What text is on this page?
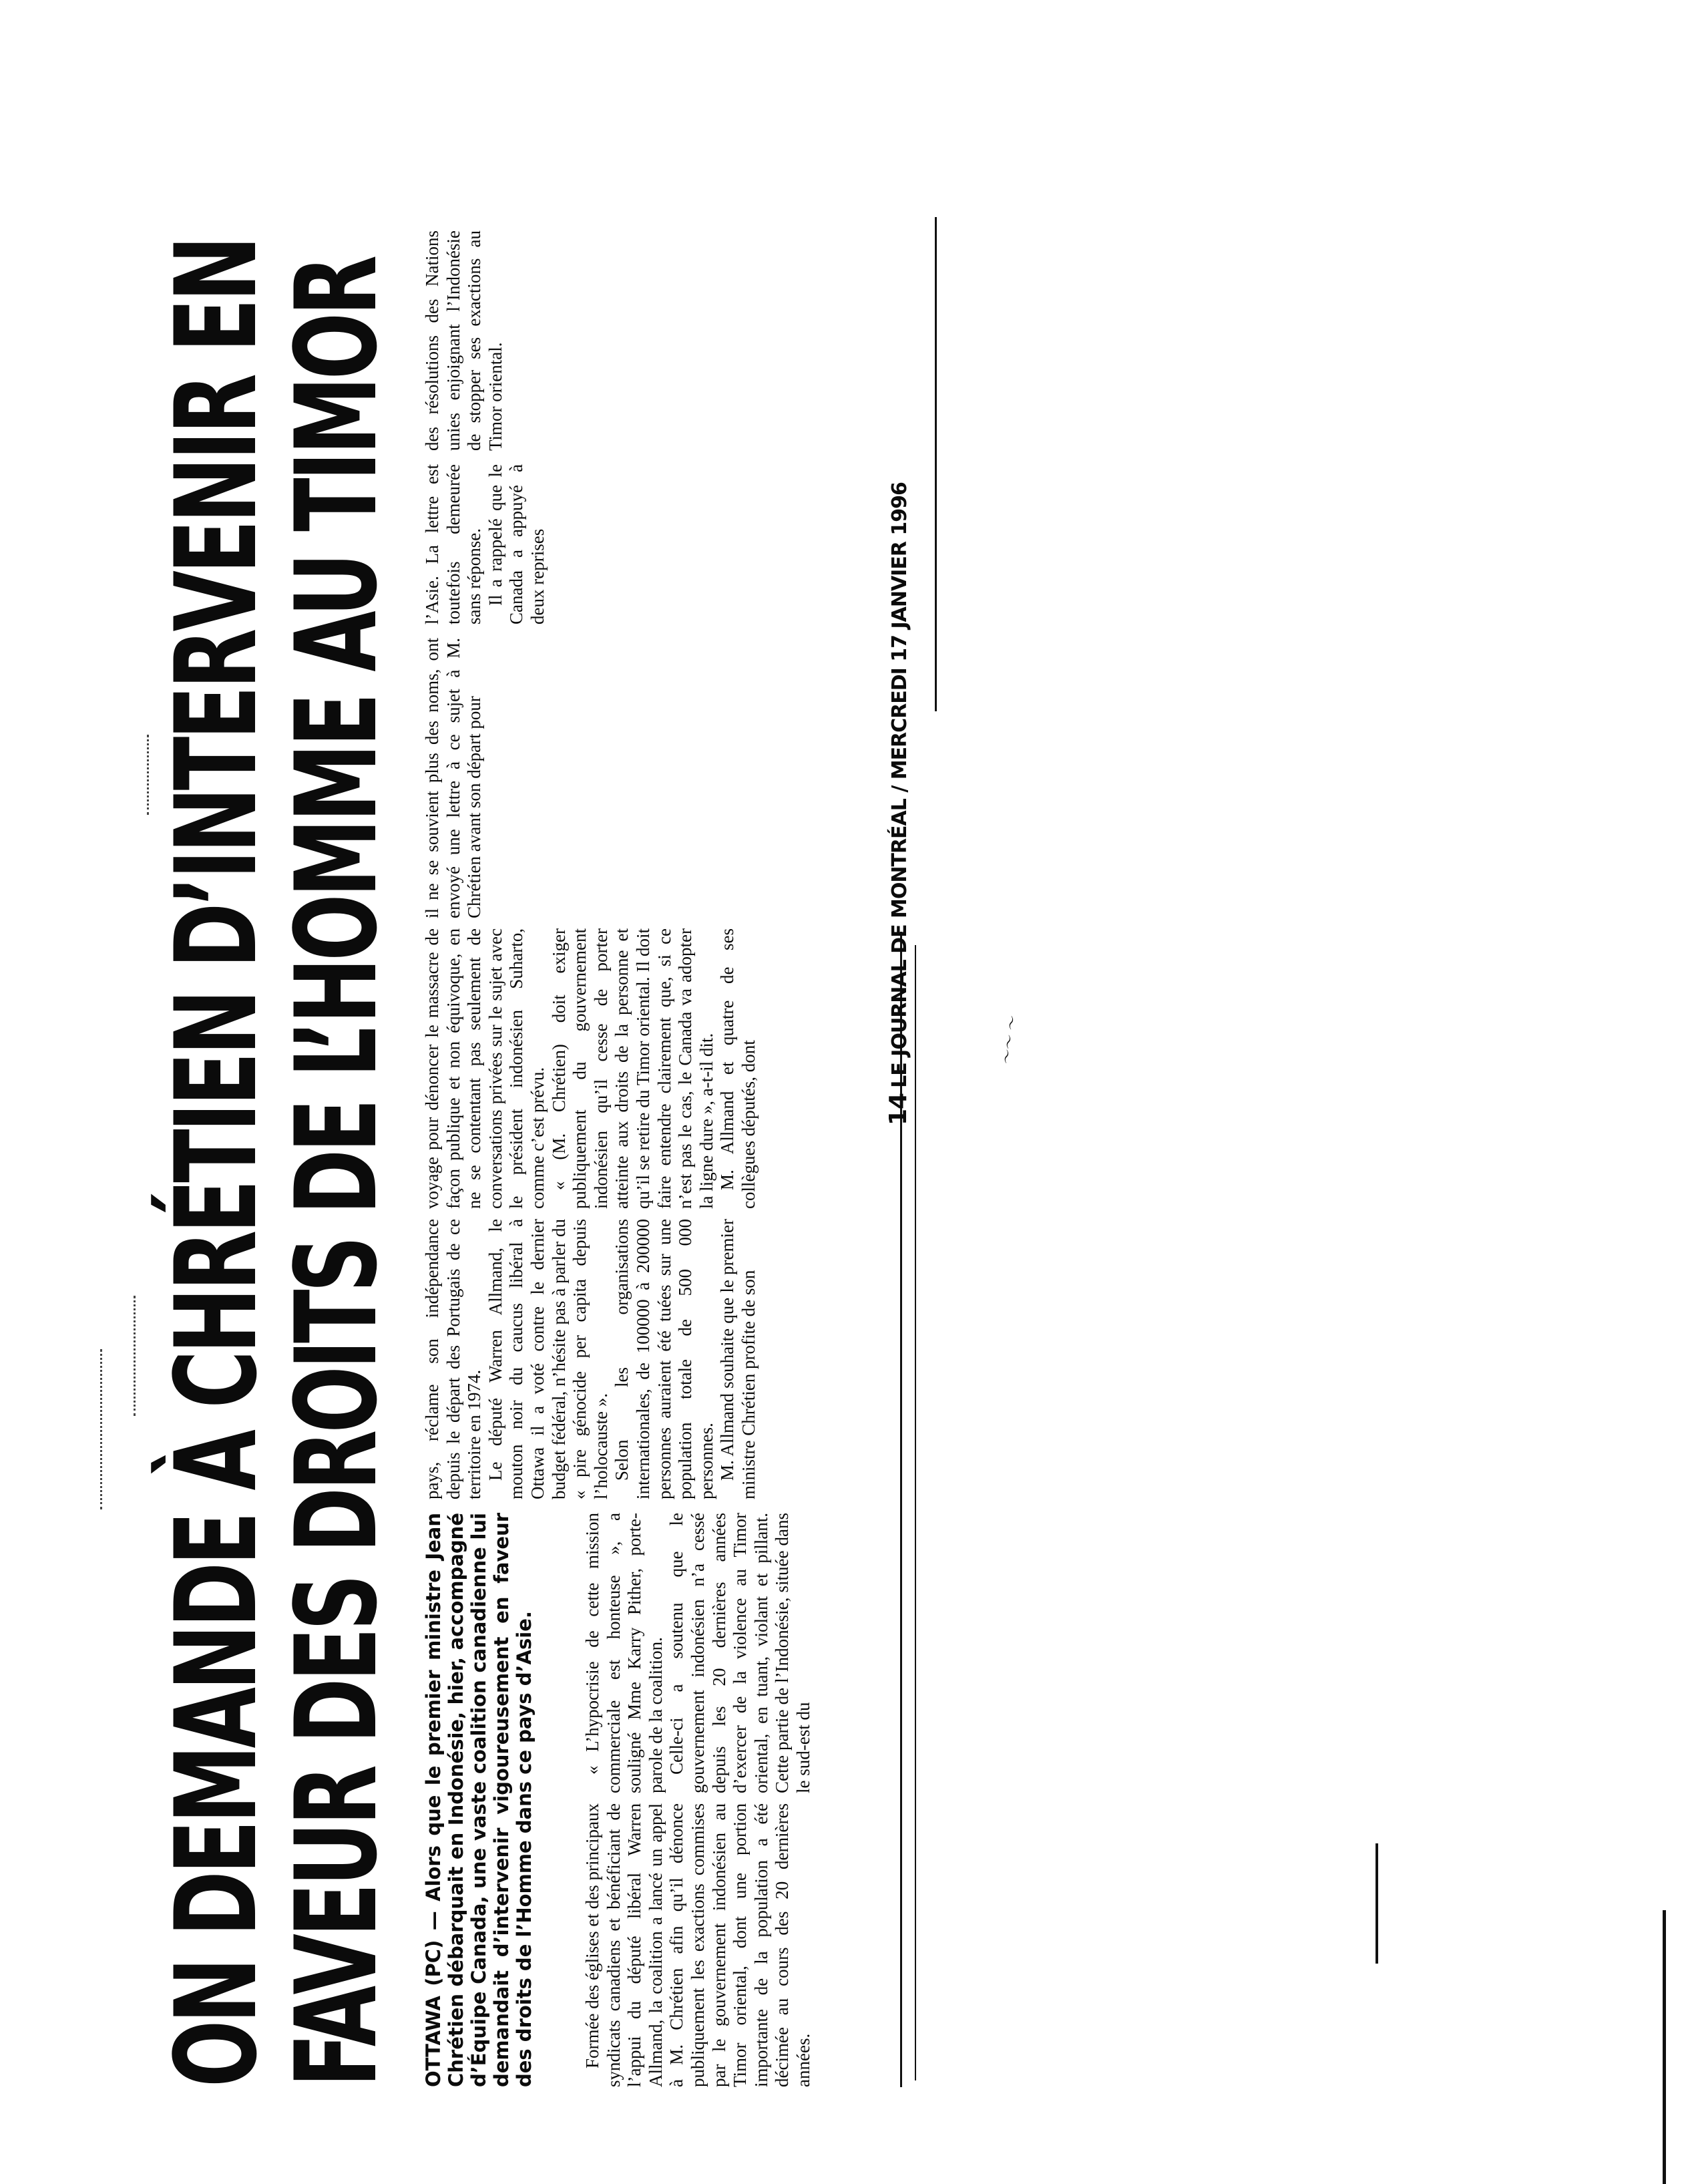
ON DEMANDE À CHRÉTIEN D’INTERVENIR EN
FAVEUR DES DROITS DE L’HOMME AU TIMOR OTTAWA (PC) — Alors que le premier ministre Jean Chrétien débarquait en Indonésie, hier, accompagné d’Équipe Canada, une vaste coalition canadienne lui demandait d’intervenir vigoureusement en faveur des droits de l’Homme dans ce pays d’Asie.	Formée des églises et des principaux syndicats canadiens et bénéficiant de l’appui du député libéral Warren Allmand, la coalition a lancé un appel à M. Chrétien afin qu’il dénonce publiquement les exactions commises par le gouvernement indonésien au Timor oriental, dont une portion importante de la population a été décimée au cours des 20 dernières années.

« L’hypocrisie de cette mission commerciale est honteuse », a souligné Mme Karry Pither, porte-parole de la coalition. Celle-ci a soutenu que le gouvernement indonésien n’a cessé depuis les 20 dernières années d’exercer de la violence au Timor oriental, en tuant, violant et pillant. Cette partie de l’Indonésie, située dans le sud-est du

pays, réclame son indépendance depuis le départ des Portugais de ce territoire en 1974. Le député Warren Allmand, le mouton noir du caucus libéral à Ottawa il a voté contre le dernier budget fédéral, n’hésite pas à parler du « pire génocide per capita depuis l’holocauste ». Selon les organisations internationales, de 100000 à 200000 personnes auraient été tuées sur une population totale de 500 000 personnes. M. Allmand souhaite que le premier ministre Chrétien profite de son

voyage pour dénoncer le massacre de façon publique et non équivoque, en ne se contentant pas seulement de conversations privées sur le sujet avec le président indonésien Suharto, comme c’est prévu. « (M. Chrétien) doit exiger publiquement du gouvernement indonésien qu’il cesse de porter atteinte aux droits de la personne et qu’il se retire du Timor oriental. Il doit faire entendre clairement que, si ce n’est pas le cas, le Canada va adopter la ligne dure », a-t-il dit. M. Allmand et quatre de ses collègues députés, dont

il ne se souvient plus des noms, ont envoyé une lettre à ce sujet à M. Chrétien avant son départ pour

l’Asie. La lettre est toutefois demeurée sans réponse. Il a rappelé que le Canada a appuyé à deux reprises

des résolutions des Nations unies enjoignant l’Indonésie de stopper ses exactions au Timor oriental.

14LE JOURNAL DE MONTRÉAL / MERCREDI 17 JANVIER 1996	～～ ～
